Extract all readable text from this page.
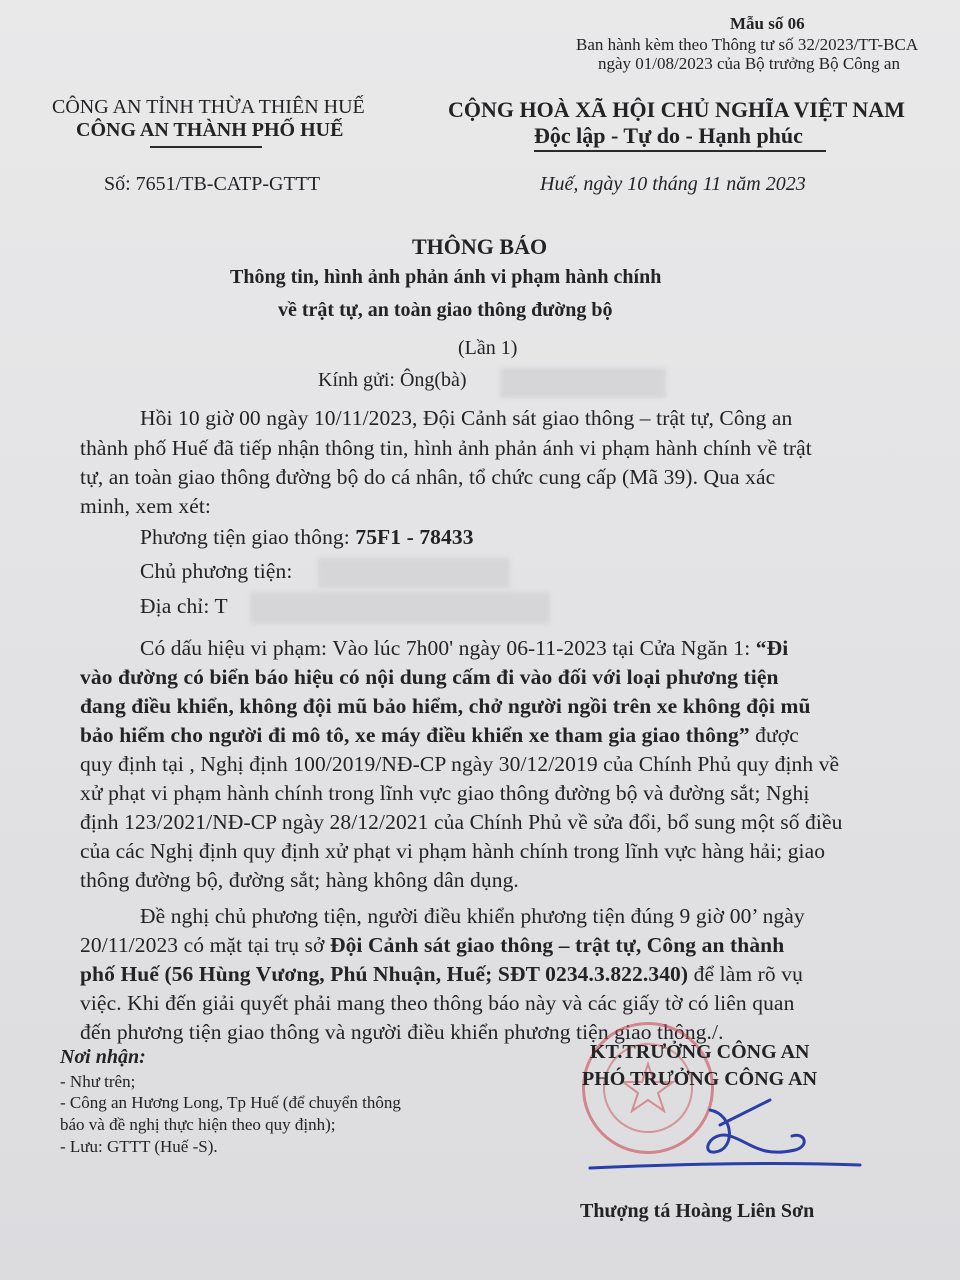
Mẫu số 06
Ban hành kèm theo Thông tư số 32/2023/TT-BCA
ngày 01/08/2023 của Bộ trưởng Bộ Công an
CÔNG AN TỈNH THỪA THIÊN HUẾ
CÔNG AN THÀNH PHỐ HUẾ
Số: 7651/TB-CATP-GTTT
CỘNG HOÀ XÃ HỘI CHỦ NGHĨA VIỆT NAM
Độc lập - Tự do - Hạnh phúc
Huế, ngày 10 tháng 11 năm 2023
THÔNG BÁO
Thông tin, hình ảnh phản ánh vi phạm hành chính
về trật tự, an toàn giao thông đường bộ
(Lần 1)
Kính gửi: Ông(bà)
Hồi 10 giờ 00 ngày 10/11/2023, Đội Cảnh sát giao thông – trật tự, Công an
thành phố Huế đã tiếp nhận thông tin, hình ảnh phản ánh vi phạm hành chính về trật
tự, an toàn giao thông đường bộ do cá nhân, tổ chức cung cấp (Mã 39). Qua xác
minh, xem xét:
Phương tiện giao thông: 75F1 - 78433
Chủ phương tiện:
Địa chỉ: T
Có dấu hiệu vi phạm: Vào lúc 7h00' ngày 06-11-2023 tại Cửa Ngăn 1: “Đi
vào đường có biển báo hiệu có nội dung cấm đi vào đối với loại phương tiện
đang điều khiển, không đội mũ bảo hiểm, chở người ngồi trên xe không đội mũ
bảo hiểm cho người đi mô tô, xe máy điều khiển xe tham gia giao thông” được
quy định tại , Nghị định 100/2019/NĐ-CP ngày 30/12/2019 của Chính Phủ quy định về
xử phạt vi phạm hành chính trong lĩnh vực giao thông đường bộ và đường sắt; Nghị
định 123/2021/NĐ-CP ngày 28/12/2021 của Chính Phủ về sửa đổi, bổ sung một số điều
của các Nghị định quy định xử phạt vi phạm hành chính trong lĩnh vực hàng hải; giao
thông đường bộ, đường sắt; hàng không dân dụng.
Đề nghị chủ phương tiện, người điều khiển phương tiện đúng 9 giờ 00’ ngày
20/11/2023 có mặt tại trụ sở Đội Cảnh sát giao thông – trật tự, Công an thành
phố Huế (56 Hùng Vương, Phú Nhuận, Huế; SĐT 0234.3.822.340) để làm rõ vụ
việc. Khi đến giải quyết phải mang theo thông báo này và các giấy tờ có liên quan
đến phương tiện giao thông và người điều khiển phương tiện giao thông./.
Nơi nhận:
- Như trên;
- Công an Hương Long, Tp Huế (để chuyển thông
báo và đề nghị thực hiện theo quy định);
- Lưu: GTTT (Huế -S).
KT.TRƯỞNG CÔNG AN
PHÓ TRƯỞNG CÔNG AN
Thượng tá Hoàng Liên Sơn
